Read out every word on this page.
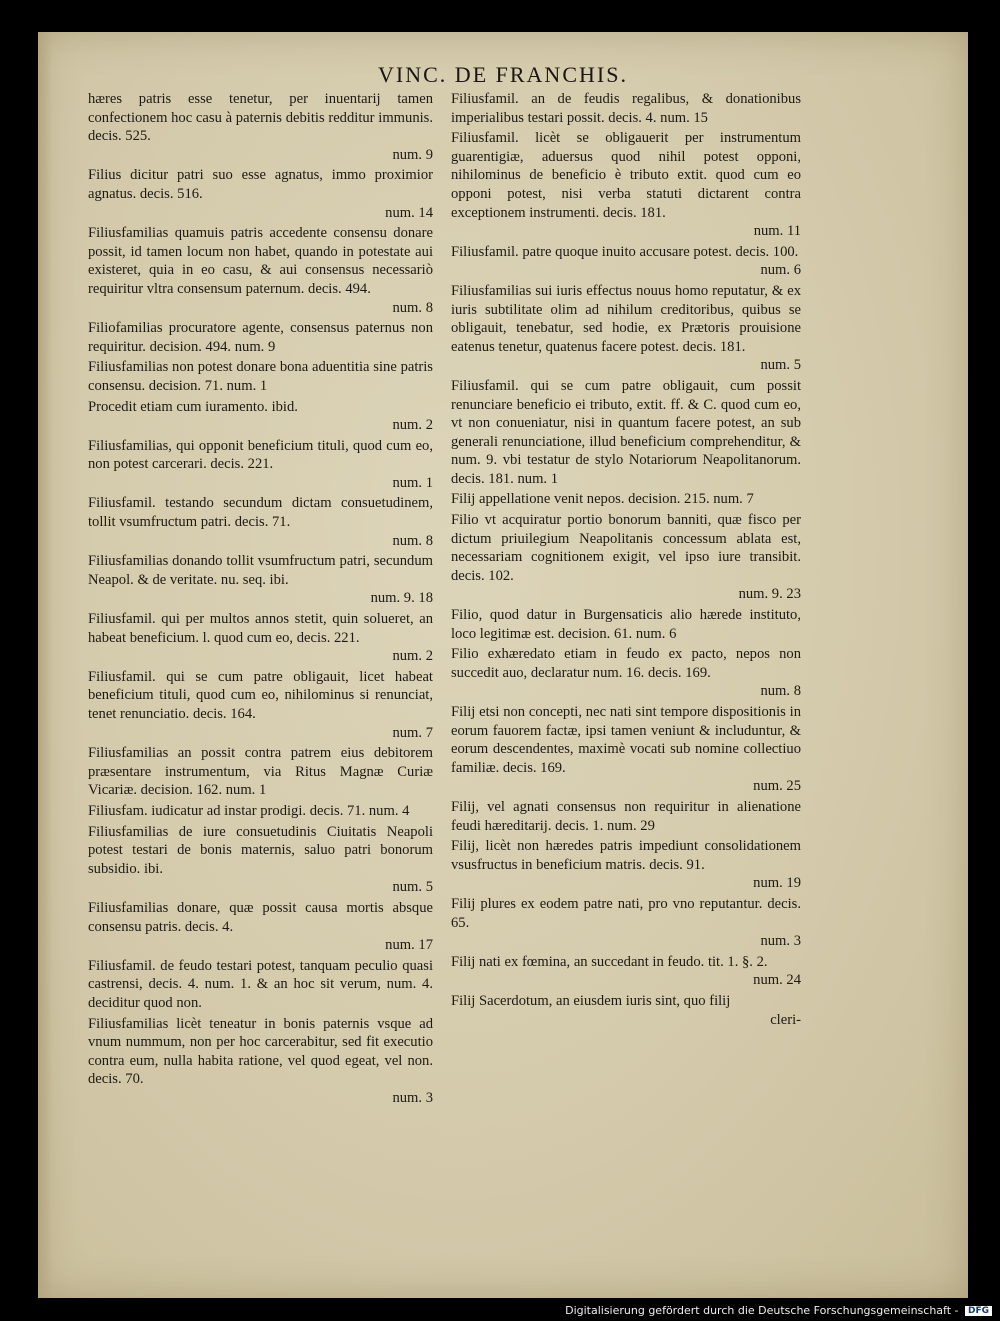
VINC. DE FRANCHIS.
hæres patris esse tenetur, per inuentarij tamen confectionem hoc casu à paternis debitis redditur immunis. decis. 525.
num. 9
Filius dicitur patri suo esse agnatus, immo proximior agnatus. decis. 516.
num. 14
Filiusfamilias quamuis patris accedente consensu donare possit, id tamen locum non habet, quando in potestate aui existeret, quia in eo casu, & aui consensus necessariò requiritur vltra consensum paternum. decis. 494.
num. 8
Filiofamilias procuratore agente, consensus paternus non requiritur. decision. 494. num. 9
Filiusfamilias non potest donare bona aduentitia sine patris consensu. decision. 71. num. 1
Procedit etiam cum iuramento. ibid.
num. 2
Filiusfamilias, qui opponit beneficium tituli, quod cum eo, non potest carcerari. decis. 221.
num. 1
Filiusfamil. testando secundum dictam consuetudinem, tollit vsumfructum patri. decis. 71.
num. 8
Filiusfamilias donando tollit vsumfructum patri, secundum Neapol. & de veritate. nu. seq. ibi.
num. 9. 18
Filiusfamil. qui per multos annos stetit, quin solueret, an habeat beneficium. l. quod cum eo, decis. 221.
num. 2
Filiusfamil. qui se cum patre obligauit, licet habeat beneficium tituli, quod cum eo, nihilominus si renunciat, tenet renunciatio. decis. 164.
num. 7
Filiusfamilias an possit contra patrem eius debitorem præsentare instrumentum, via Ritus Magnæ Curiæ Vicariæ. decision. 162. num. 1
Filiusfam. iudicatur ad instar prodigi. decis. 71. num. 4
Filiusfamilias de iure consuetudinis Ciuitatis Neapoli potest testari de bonis maternis, saluo patri bonorum subsidio. ibi.
num. 5
Filiusfamilias donare, quæ possit causa mortis absque consensu patris. decis. 4.
num. 17
Filiusfamil. de feudo testari potest, tanquam peculio quasi castrensi, decis. 4. num. 1. & an hoc sit verum, num. 4. deciditur quod non.
Filiusfamilias licèt teneatur in bonis paternis vsque ad vnum nummum, non per hoc carcerabitur, sed fit executio contra eum, nulla habita ratione, vel quod egeat, vel non. decis. 70.
num. 3
Filiusfamil. an de feudis regalibus, & donationibus imperialibus testari possit. decis. 4. num. 15
Filiusfamil. licèt se obligauerit per instrumentum guarentigiæ, aduersus quod nihil potest opponi, nihilominus de beneficio è tributo extit. quod cum eo opponi potest, nisi verba statuti dictarent contra exceptionem instrumenti. decis. 181.
num. 11
Filiusfamil. patre quoque inuito accusare potest. decis. 100.
num. 6
Filiusfamilias sui iuris effectus nouus homo reputatur, & ex iuris subtilitate olim ad nihilum creditoribus, quibus se obligauit, tenebatur, sed hodie, ex Prætoris prouisione eatenus tenetur, quatenus facere potest. decis. 181.
num. 5
Filiusfamil. qui se cum patre obligauit, cum possit renunciare beneficio ei tributo, extit. ff. & C. quod cum eo, vt non conueniatur, nisi in quantum facere potest, an sub generali renunciatione, illud beneficium comprehenditur, & num. 9. vbi testatur de stylo Notariorum Neapolitanorum. decis. 181. num. 1
Filij appellatione venit nepos. decision. 215. num. 7
Filio vt acquiratur portio bonorum banniti, quæ fisco per dictum priuilegium Neapolitanis concessum ablata est, necessariam cognitionem exigit, vel ipso iure transibit. decis. 102.
num. 9. 23
Filio, quod datur in Burgensaticis alio hærede instituto, loco legitimæ est. decision. 61. num. 6
Filio exhæredato etiam in feudo ex pacto, nepos non succedit auo, declaratur num. 16. decis. 169.
num. 8
Filij etsi non concepti, nec nati sint tempore dispositionis in eorum fauorem factæ, ipsi tamen veniunt & includuntur, & eorum descendentes, maximè vocati sub nomine collectiuo familiæ. decis. 169.
num. 25
Filij, vel agnati consensus non requiritur in alienatione feudi hæreditarij. decis. 1. num. 29
Filij, licèt non hæredes patris impediunt consolidationem vsusfructus in beneficium matris. decis. 91.
num. 19
Filij plures ex eodem patre nati, pro vno reputantur. decis. 65.
num. 3
Filij nati ex fœmina, an succedant in feudo. tit. 1. §. 2.
num. 24
Filij Sacerdotum, an eiusdem iuris sint, quo filij
cleri-
Digitalisierung gefördert durch die Deutsche Forschungsgemeinschaft - DFG
